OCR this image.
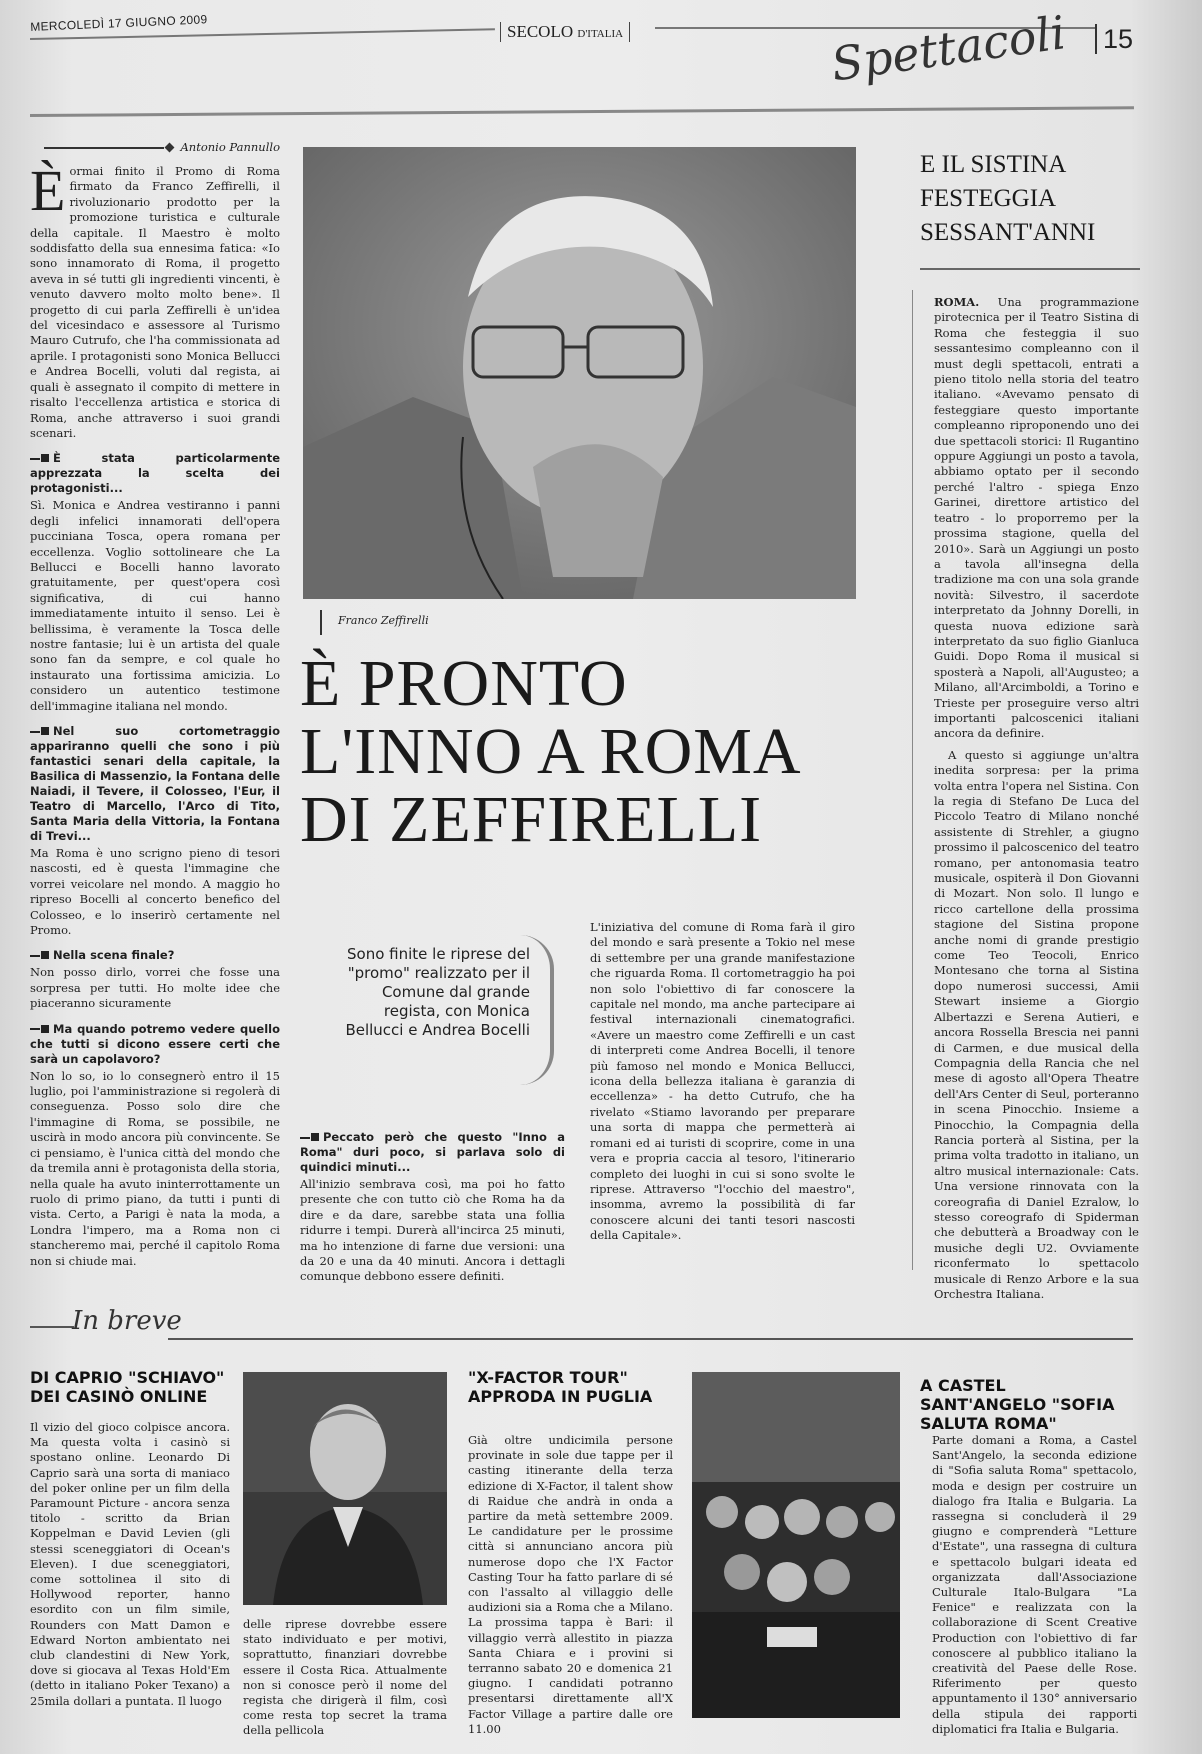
MERCOLEDÌ 17 GIUGNO 2009	SECOLO D'ITALIA	Spettacoli 15
Antonio Pannullo

Èormai finito il Promo di Roma firmato da Franco Zeffirelli, il rivoluzionario prodotto per la promozione turistica e culturale della capitale. Il Maestro è molto soddisfatto della sua ennesima fatica: «Io sono innamorato di Roma, il progetto aveva in sé tutti gli ingredienti vincenti, è venuto davvero molto molto bene». Il progetto di cui parla Zeffirelli è un'idea del vicesindaco e assessore al Turismo Mauro Cutrufo, che l'ha commissionata ad aprile. I protagonisti sono Monica Bellucci e Andrea Bocelli, voluti dal regista, ai quali è assegnato il compito di mettere in risalto l'eccellenza artistica e storica di Roma, anche attraverso i suoi grandi scenari.

È stata particolarmente apprezzata la scelta dei protagonisti...

Sì. Monica e Andrea vestiranno i panni degli infelici innamorati dell'opera pucciniana Tosca, opera romana per eccellenza. Voglio sottolineare che La Bellucci e Bocelli hanno lavorato gratuitamente, per quest'opera così significativa, di cui hanno immediatamente intuito il senso. Lei è bellissima, è veramente la Tosca delle nostre fantasie; lui è un artista del quale sono fan da sempre, e col quale ho instaurato una fortissima amicizia. Lo considero un autentico testimone dell'immagine italiana nel mondo.

Nel suo cortometraggio appariranno quelli che sono i più fantastici senari della capitale, la Basilica di Massenzio, la Fontana delle Naiadi, il Tevere, il Colosseo, l'Eur, il Teatro di Marcello, l'Arco di Tito, Santa Maria della Vittoria, la Fontana di Trevi...

Ma Roma è uno scrigno pieno di tesori nascosti, ed è questa l'immagine che vorrei veicolare nel mondo. A maggio ho ripreso Bocelli al concerto benefico del Colosseo, e lo inserirò certamente nel Promo.

Nella scena finale?

Non posso dirlo, vorrei che fosse una sorpresa per tutti. Ho molte idee che piaceranno sicuramente

Ma quando potremo vedere quello che tutti si dicono essere certi che sarà un capolavoro?

Non lo so, io lo consegnerò entro il 15 luglio, poi l'amministrazione si regolerà di conseguenza. Posso solo dire che l'immagine di Roma, se possibile, ne uscirà in modo ancora più convincente. Se ci pensiamo, è l'unica città del mondo che da tremila anni è protagonista della storia, nella quale ha avuto ininterrottamente un ruolo di primo piano, da tutti i punti di vista. Certo, a Parigi è nata la moda, a Londra l'impero, ma a Roma non ci stancheremo mai, perché il capitolo Roma non si chiude mai.

Franco Zeffirelli
È PRONTO
L'INNO A ROMA
DI ZEFFIRELLI
Sono finite le riprese del "promo" realizzato per il Comune dal grande regista, con Monica Bellucci e Andrea Bocelli
Peccato però che questo "Inno a Roma" duri poco, si parlava solo di quindici minuti...

All'inizio sembrava così, ma poi ho fatto presente che con tutto ciò che Roma ha da dire e da dare, sarebbe stata una follia ridurre i tempi. Durerà all'incirca 25 minuti, ma ho intenzione di farne due versioni: una da 20 e una da 40 minuti. Ancora i dettagli comunque debbono essere definiti.

L'iniziativa del comune di Roma farà il giro del mondo e sarà presente a Tokio nel mese di settembre per una grande manifestazione che riguarda Roma. Il cortometraggio ha poi non solo l'obiettivo di far conoscere la capitale nel mondo, ma anche partecipare ai festival internazionali cinematografici. «Avere un maestro come Zeffirelli e un cast di interpreti come Andrea Bocelli, il tenore più famoso nel mondo e Monica Bellucci, icona della bellezza italiana è garanzia di eccellenza» - ha detto Cutrufo, che ha rivelato «Stiamo lavorando per preparare una sorta di mappa che permetterà ai romani ed ai turisti di scoprire, come in una vera e propria caccia al tesoro, l'itinerario completo dei luoghi in cui si sono svolte le riprese. Attraverso "l'occhio del maestro", insomma, avremo la possibilità di far conoscere alcuni dei tanti tesori nascosti della Capitale».

E IL SISTINA FESTEGGIA SESSANT'ANNI

ROMA. Una programmazione pirotecnica per il Teatro Sistina di Roma che festeggia il suo sessantesimo compleanno con il must degli spettacoli, entrati a pieno titolo nella storia del teatro italiano. «Avevamo pensato di festeggiare questo importante compleanno riproponendo uno dei due spettacoli storici: Il Rugantino oppure Aggiungi un posto a tavola, abbiamo optato per il secondo perché l'altro - spiega Enzo Garinei, direttore artistico del teatro - lo proporremo per la prossima stagione, quella del 2010». Sarà un Aggiungi un posto a tavola all'insegna della tradizione ma con una sola grande novità: Silvestro, il sacerdote interpretato da Johnny Dorelli, in questa nuova edizione sarà interpretato da suo figlio Gianluca Guidi. Dopo Roma il musical si sposterà a Napoli, all'Augusteo; a Milano, all'Arcimboldi, a Torino e Trieste per proseguire verso altri importanti palcoscenici italiani ancora da definire.

A questo si aggiunge un'altra inedita sorpresa: per la prima volta entra l'opera nel Sistina. Con la regia di Stefano De Luca del Piccolo Teatro di Milano nonché assistente di Strehler, a giugno prossimo il palcoscenico del teatro romano, per antonomasia teatro musicale, ospiterà il Don Giovanni di Mozart. Non solo. Il lungo e ricco cartellone della prossima stagione del Sistina propone anche nomi di grande prestigio come Teo Teocoli, Enrico Montesano che torna al Sistina dopo numerosi successi, Amii Stewart insieme a Giorgio Albertazzi e Serena Autieri, e ancora Rossella Brescia nei panni di Carmen, e due musical della Compagnia della Rancia che nel mese di agosto all'Opera Theatre dell'Ars Center di Seul, porteranno in scena Pinocchio. Insieme a Pinocchio, la Compagnia della Rancia porterà al Sistina, per la prima volta tradotto in italiano, un altro musical internazionale: Cats. Una versione rinnovata con la coreografia di Daniel Ezralow, lo stesso coreografo di Spiderman che debutterà a Broadway con le musiche degli U2. Ovviamente riconfermato lo spettacolo musicale di Renzo Arbore e la sua Orchestra Italiana.

In breve
DI CAPRIO "SCHIAVO" DEI CASINÒ ONLINE
Il vizio del gioco colpisce ancora. Ma questa volta i casinò si spostano online. Leonardo Di Caprio sarà una sorta di maniaco del poker online per un film della Paramount Picture - ancora senza titolo - scritto da Brian Koppelman e David Levien (gli stessi sceneggiatori di Ocean's Eleven). I due sceneggiatori, come sottolinea il sito di Hollywood reporter, hanno esordito con un film simile, Rounders con Matt Damon e Edward Norton ambientato nei club clandestini di New York, dove si giocava al Texas Hold'Em (detto in italiano Poker Texano) a 25mila dollari a puntata. Il luogo
delle riprese dovrebbe essere stato individuato e per motivi, soprattutto, finanziari dovrebbe essere il Costa Rica. Attualmente non si conosce però il nome del regista che dirigerà il film, così come resta top secret la trama della pellicola
"X-FACTOR TOUR" APPRODA IN PUGLIA
Già oltre undicimila persone provinate in sole due tappe per il casting itinerante della terza edizione di X-Factor, il talent show di Raidue che andrà in onda a partire da metà settembre 2009. Le candidature per le prossime città si annunciano ancora più numerose dopo che l'X Factor Casting Tour ha fatto parlare di sé con l'assalto al villaggio delle audizioni sia a Roma che a Milano. La prossima tappa è Bari: il villaggio verrà allestito in piazza Santa Chiara e i provini si terranno sabato 20 e domenica 21 giugno. I candidati potranno presentarsi direttamente all'X Factor Village a partire dalle ore 11.00
A CASTEL SANT'ANGELO "SOFIA SALUTA ROMA"
Parte domani a Roma, a Castel Sant'Angelo, la seconda edizione di "Sofia saluta Roma" spettacolo, moda e design per costruire un dialogo fra Italia e Bulgaria. La rassegna si concluderà il 29 giugno e comprenderà "Letture d'Estate", una rassegna di cultura e spettacolo bulgari ideata ed organizzata dall'Associazione Culturale Italo-Bulgara "La Fenice" e realizzata con la collaborazione di Scent Creative Production con l'obiettivo di far conoscere al pubblico italiano la creatività del Paese delle Rose. Riferimento per questo appuntamento il 130° anniversario della stipula dei rapporti diplomatici fra Italia e Bulgaria.
